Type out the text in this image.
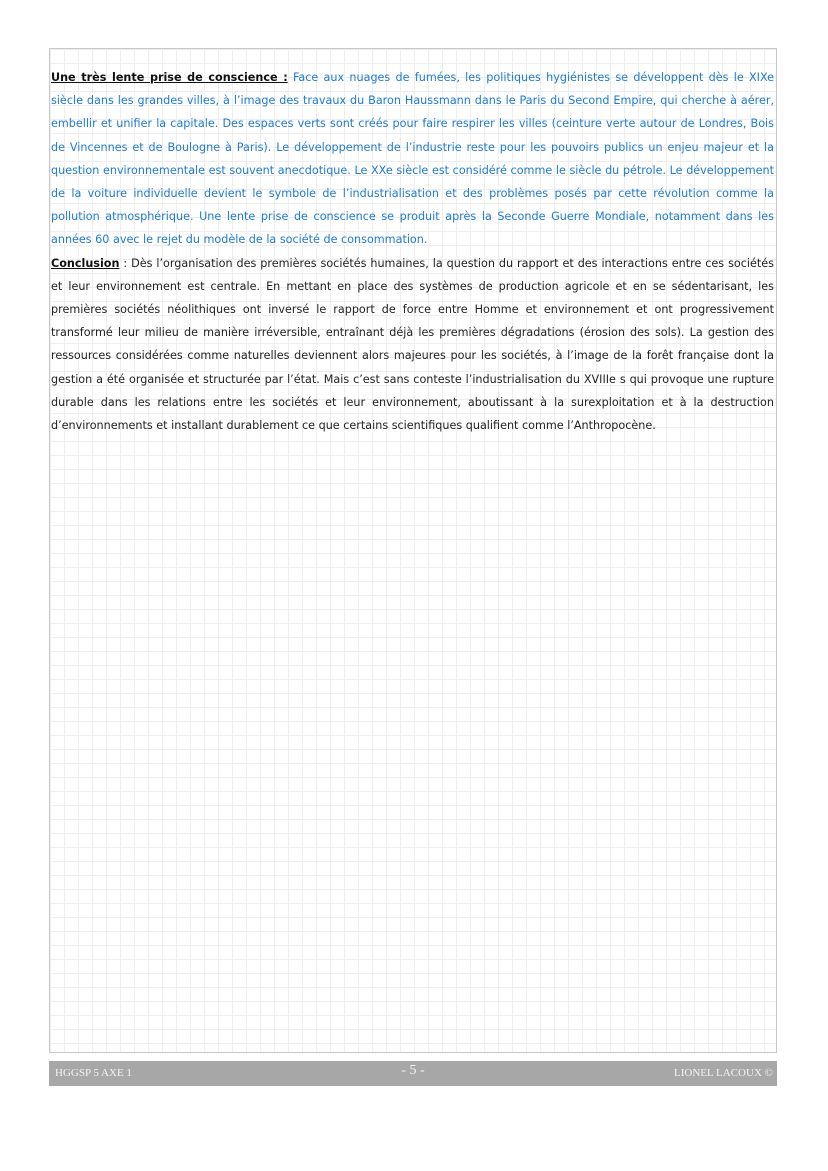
Une très lente prise de conscience : Face aux nuages de fumées, les politiques hygiénistes se développent dès le XIXe siècle dans les grandes villes, à l’image des travaux du Baron Haussmann dans le Paris du Second Empire, qui cherche à aérer, embellir et unifier la capitale. Des espaces verts sont créés pour faire respirer les villes (ceinture verte autour de Londres, Bois de Vincennes et de Boulogne à Paris). Le développement de l’industrie reste pour les pouvoirs publics un enjeu majeur et la question environnementale est souvent anecdotique. Le XXe siècle est considéré comme le siècle du pétrole. Le développement de la voiture individuelle devient le symbole de l’industrialisation et des problèmes posés par cette révolution comme la pollution atmosphérique. Une lente prise de conscience se produit après la Seconde Guerre Mondiale, notamment dans les années 60 avec le rejet du modèle de la société de consommation.

Conclusion : Dès l’organisation des premières sociétés humaines, la question du rapport et des interactions entre ces sociétés et leur environnement est centrale. En mettant en place des systèmes de production agricole et en se sédentarisant, les premières sociétés néolithiques ont inversé le rapport de force entre Homme et environnement et ont progressivement transformé leur milieu de manière irréversible, entraînant déjà les premières dégradations (érosion des sols). La gestion des ressources considérées comme naturelles deviennent alors majeures pour les sociétés, à l’image de la forêt française dont la gestion a été organisée et structurée par l’état. Mais c’est sans conteste l’industrialisation du XVIIIe s qui provoque une rupture durable dans les relations entre les sociétés et leur environnement, aboutissant à la surexploitation et à la destruction d’environnements et installant durablement ce que certains scientifiques qualifient comme l’Anthropocène.

HGGSP 5 AXE 1	- 5 -	LIONEL LACOUX ©
